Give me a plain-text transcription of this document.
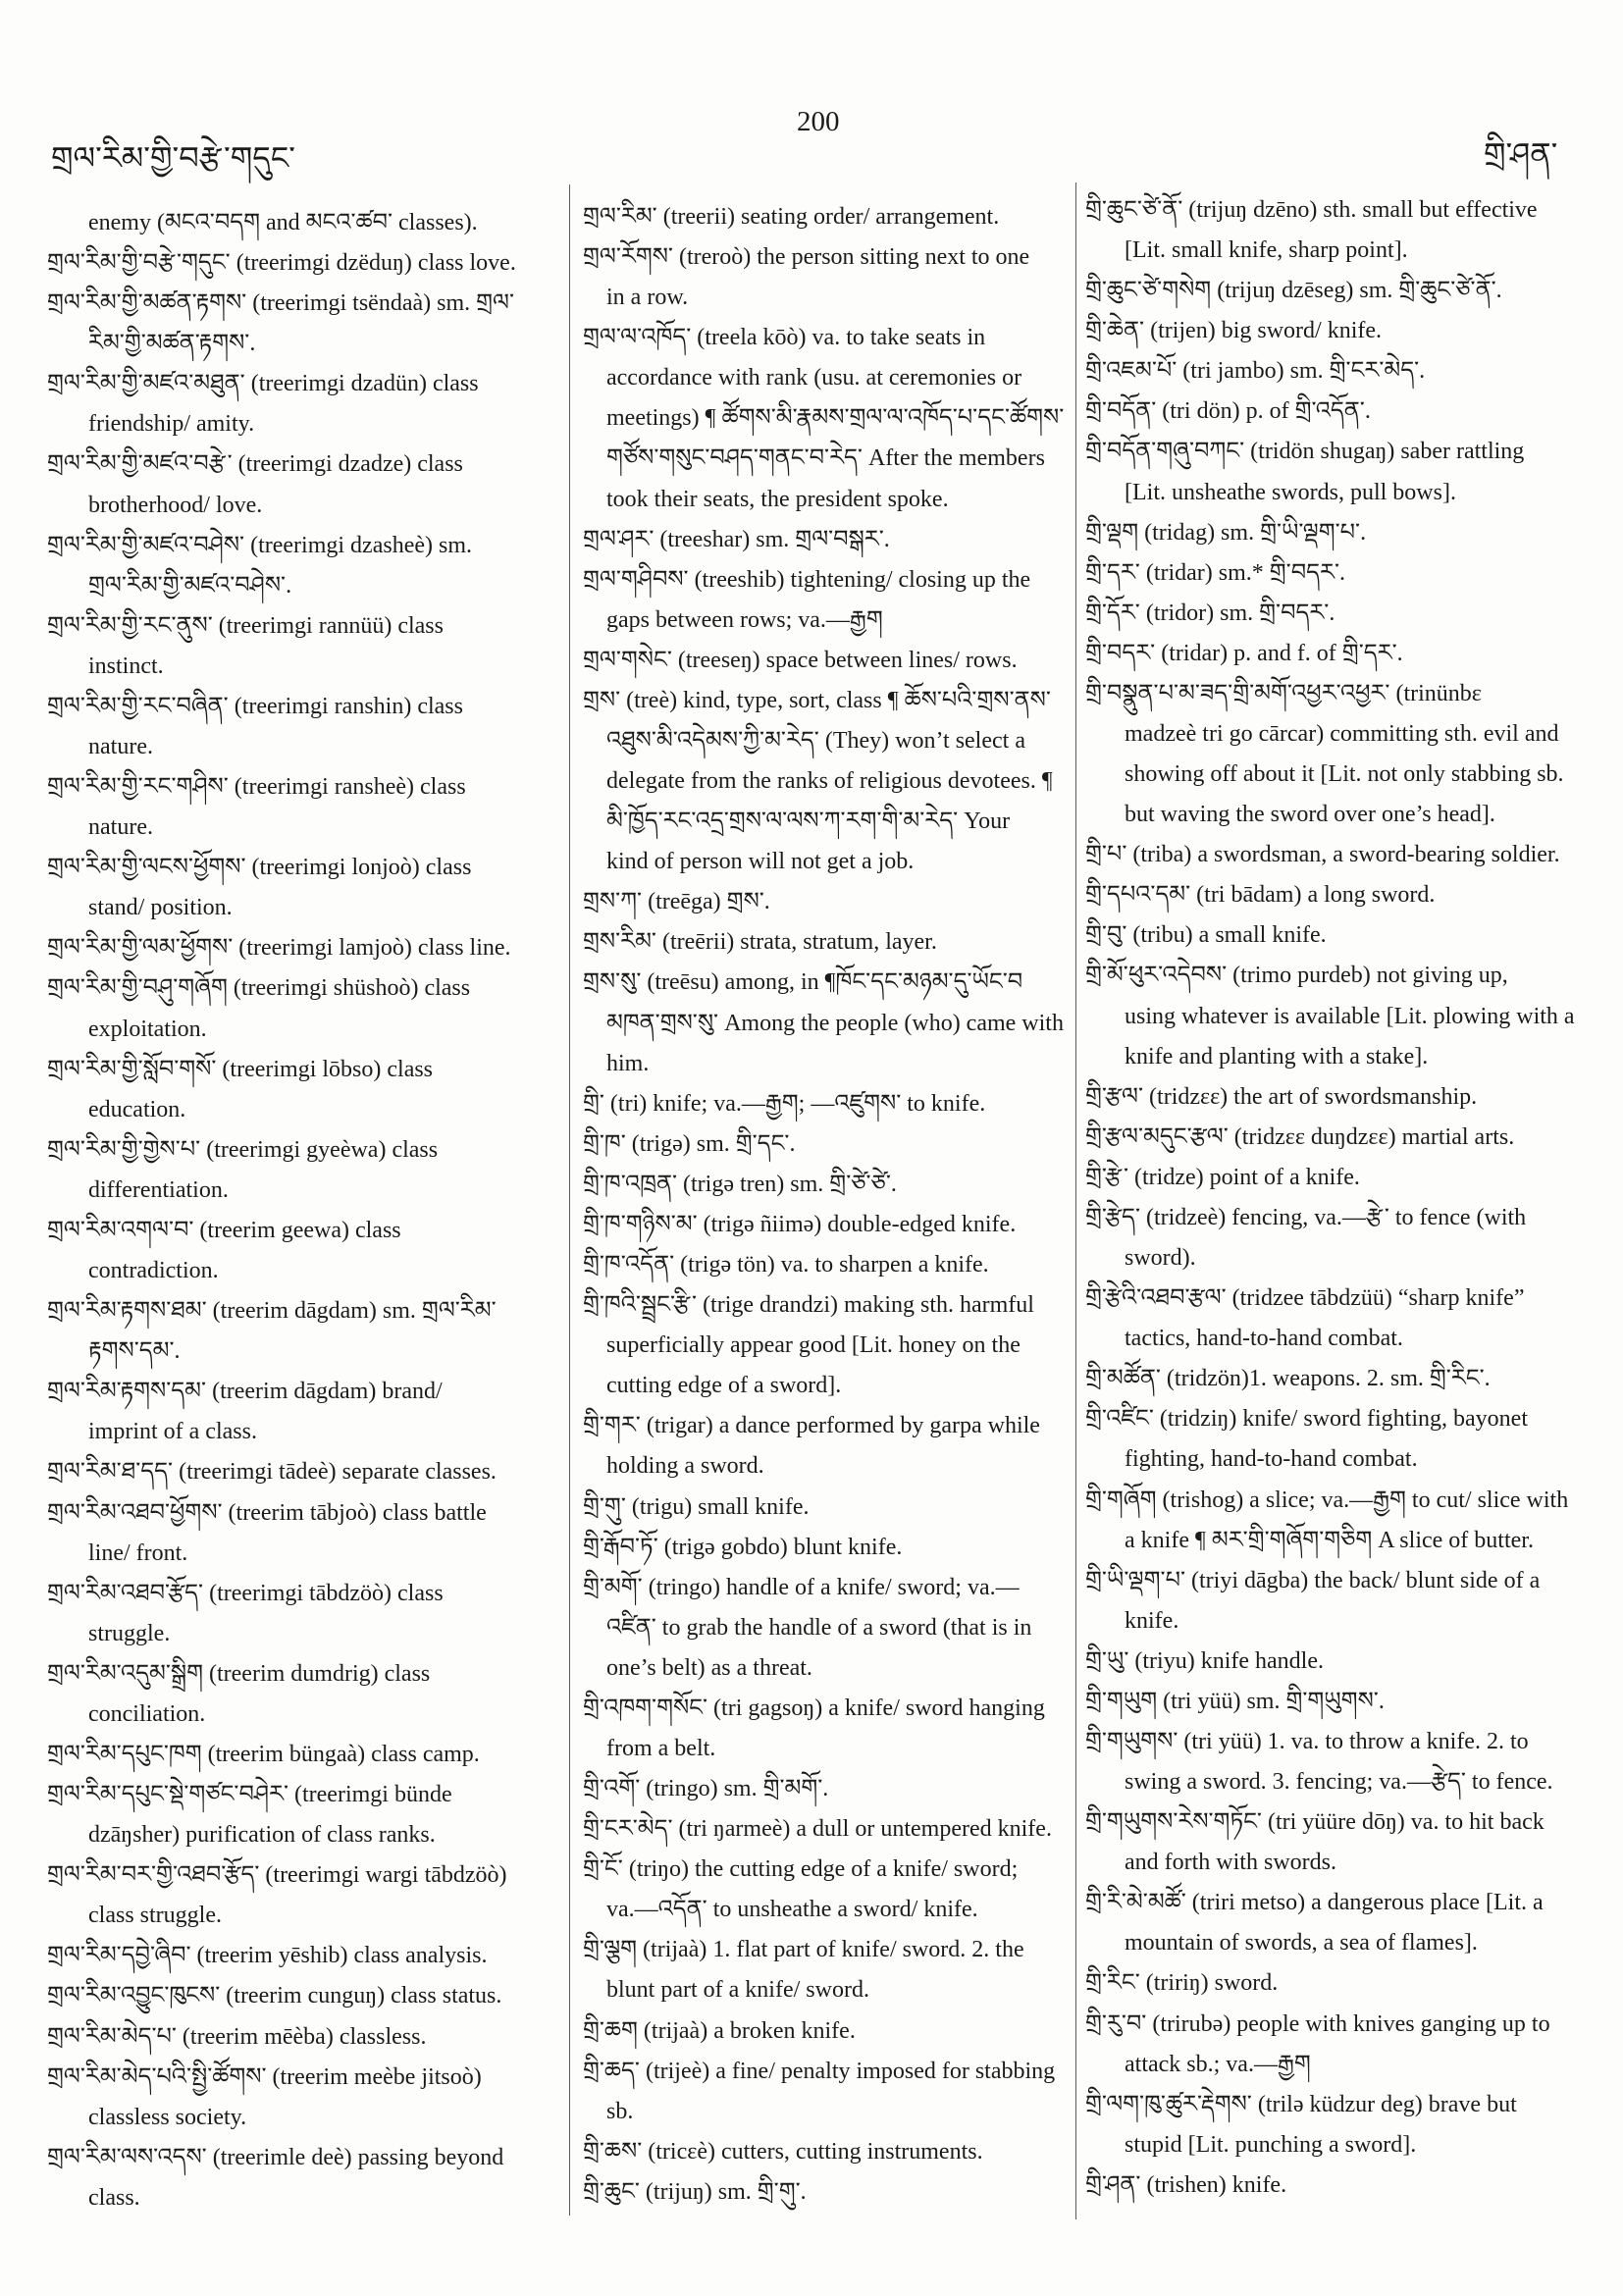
གྲལ་རིམ་གྱི་བརྩེ་གདུང་
200
གྲི་ཤན་
enemy (མངའ་བདག and མངའ་ཚབ་ classes).
གྲལ་རིམ་གྱི་བརྩེ་གདུང་ (treerimgi dzëduŋ) class love.
གྲལ་རིམ་གྱི་མཚན་རྟགས་ (treerimgi tsëndaà) sm. གྲལ་
རིམ་གྱི་མཚན་རྟགས་.
གྲལ་རིམ་གྱི་མཛའ་མཐུན་ (treerimgi dzadün) class
friendship/ amity.
གྲལ་རིམ་གྱི་མཛའ་བརྩེ་ (treerimgi dzadze) class
brotherhood/ love.
གྲལ་རིམ་གྱི་མཛའ་བཤེས་ (treerimgi dzasheè) sm.
གྲལ་རིམ་གྱི་མཛའ་བཤེས་.
གྲལ་རིམ་གྱི་རང་ནུས་ (treerimgi rannüü) class
instinct.
གྲལ་རིམ་གྱི་རང་བཞིན་ (treerimgi ranshin) class
nature.
གྲལ་རིམ་གྱི་རང་གཤིས་ (treerimgi ransheè) class
nature.
གྲལ་རིམ་གྱི་ལངས་ཕྱོགས་ (treerimgi lonjoò) class
stand/ position.
གྲལ་རིམ་གྱི་ལམ་ཕྱོགས་ (treerimgi lamjoò) class line.
གྲལ་རིམ་གྱི་བཤུ་གཞོག (treerimgi shüshoò) class
exploitation.
གྲལ་རིམ་གྱི་སློབ་གསོ་ (treerimgi lōbso) class
education.
གྲལ་རིམ་གྱི་གྱེས་པ་ (treerimgi gyeèwa) class
differentiation.
གྲལ་རིམ་འགལ་བ་ (treerim geewa) class
contradiction.
གྲལ་རིམ་རྟགས་ཐམ་ (treerim dāgdam) sm. གྲལ་རིམ་
རྟགས་དམ་.
གྲལ་རིམ་རྟགས་དམ་ (treerim dāgdam) brand/
imprint of a class.
གྲལ་རིམ་ཐ་དད་ (treerimgi tādeè) separate classes.
གྲལ་རིམ་འཐབ་ཕྱོགས་ (treerim tābjoò) class battle
line/ front.
གྲལ་རིམ་འཐབ་རྩོད་ (treerimgi tābdzöò) class
struggle.
གྲལ་རིམ་འདུམ་སྒྲིག (treerim dumdrig) class
conciliation.
གྲལ་རིམ་དཔུང་ཁག (treerim büngaà) class camp.
གྲལ་རིམ་དཔུང་སྡེ་གཙང་བཤེར་ (treerimgi bünde
dzāŋsher) purification of class ranks.
གྲལ་རིམ་བར་གྱི་འཐབ་རྩོད་ (treerimgi wargi tābdzöò)
class struggle.
གྲལ་རིམ་དབྱེ་ཞིབ་ (treerim yēshib) class analysis.
གྲལ་རིམ་འབྱུང་ཁུངས་ (treerim cunguŋ) class status.
གྲལ་རིམ་མེད་པ་ (treerim mēèba) classless.
གྲལ་རིམ་མེད་པའི་སྤྱི་ཚོགས་ (treerim meèbe jitsoò)
classless society.
གྲལ་རིམ་ལས་འདས་ (treerimle deè) passing beyond
class.
གྲལ་རིམ་ (treerii) seating order/ arrangement.
གྲལ་རོགས་ (treroò) the person sitting next to one
in a row.
གྲལ་ལ་འཁོད་ (treela kōò) va. to take seats in
accordance with rank (usu. at ceremonies or
meetings) ¶ ཚོགས་མི་རྣམས་གྲལ་ལ་འཁོད་པ་དང་ཚོགས་
གཙོས་གསུང་བཤད་གནང་བ་རེད་ After the members
took their seats, the president spoke.
གྲལ་ཤར་ (treeshar) sm. གྲལ་བསྒར་.
གྲལ་གཤིབས་ (treeshib) tightening/ closing up the
gaps between rows; va.—རྒྱག
གྲལ་གསེང་ (treeseŋ) space between lines/ rows.
གྲས་ (treè) kind, type, sort, class ¶ ཆོས་པའི་གྲས་ནས་
འཐུས་མི་འདེམས་ཀྱི་མ་རེད་ (They) won’t select a
delegate from the ranks of religious devotees. ¶
མི་ཁྱོད་རང་འདྲ་གྲས་ལ་ལས་ཀ་རག་གི་མ་རེད་ Your
kind of person will not get a job.
གྲས་ཀ་ (treēga) གྲས་.
གྲས་རིམ་ (treērii) strata, stratum, layer.
གྲས་སུ་ (treēsu) among, in ¶ཁོང་དང་མཉམ་དུ་ཡོང་བ
མཁན་གྲས་སུ་ Among the people (who) came with
him.
གྲི་ (tri) knife; va.—རྒྱག; —འཛུགས་ to knife.
གྲི་ཁ་ (trigə) sm. གྲི་དང་.
གྲི་ཁ་འཁྲན་ (trigə tren) sm. གྲི་ཙེ་ཙེ་.
གྲི་ཁ་གཉིས་མ་ (trigə ñiimə) double-edged knife.
གྲི་ཁ་འདོན་ (trigə tön) va. to sharpen a knife.
གྲི་ཁའི་སྦྲང་རྩི་ (trige drandzi) making sth. harmful
superficially appear good [Lit. honey on the
cutting edge of a sword].
གྲི་གར་ (trigar) a dance performed by garpa while
holding a sword.
གྲི་གུ་ (trigu) small knife.
གྲི་རྒོབ་ཏོ་ (trigə gobdo) blunt knife.
གྲི་མགོ་ (tringo) handle of a knife/ sword; va.—
འཛིན་ to grab the handle of a sword (that is in
one’s belt) as a threat.
གྲི་འཁག་གསོང་ (tri gagsoŋ) a knife/ sword hanging
from a belt.
གྲི་འགོ་ (tringo) sm. གྲི་མགོ་.
གྲི་ངར་མེད་ (tri ŋarmeè) a dull or untempered knife.
གྲི་ངོ་ (triŋo) the cutting edge of a knife/ sword;
va.—འདོན་ to unsheathe a sword/ knife.
གྲི་ལྕག (trijaà) 1. flat part of knife/ sword. 2. the
blunt part of a knife/ sword.
གྲི་ཆག (trijaà) a broken knife.
གྲི་ཆད་ (trijeè) a fine/ penalty imposed for stabbing
sb.
གྲི་ཆས་ (tricεè) cutters, cutting instruments.
གྲི་ཆུང་ (trijuŋ) sm. གྲི་གུ་.
གྲི་ཆུང་ཙེ་ནོ་ (trijuŋ dzēno) sth. small but effective
[Lit. small knife, sharp point].
གྲི་ཆུང་ཙེ་གསེག (trijuŋ dzēseg) sm. གྲི་ཆུང་ཙེ་ནོ་.
གྲི་ཆེན་ (trijen) big sword/ knife.
གྲི་འཇམ་པོ་ (tri jambo) sm. གྲི་ངར་མེད་.
གྲི་བདོན་ (tri dön) p. of གྲི་འདོན་.
གྲི་བདོན་གཞུ་བཀང་ (tridön shugaŋ) saber rattling
[Lit. unsheathe swords, pull bows].
གྲི་ལྡག (tridag) sm. གྲི་ཡི་ལྡག་པ་.
གྲི་དར་ (tridar) sm.* གྲི་བདར་.
གྲི་དོར་ (tridor) sm. གྲི་བདར་.
གྲི་བདར་ (tridar) p. and f. of གྲི་དར་.
གྲི་བསྣུན་པ་མ་ཟད་གྲི་མགོ་འཕྱར་འཕྱར་ (trinünbε
madzeè tri go cārcar) committing sth. evil and
showing off about it [Lit. not only stabbing sb.
but waving the sword over one’s head].
གྲི་པ་ (triba) a swordsman, a sword-bearing soldier.
གྲི་དཔའ་དམ་ (tri bādam) a long sword.
གྲི་བུ་ (tribu) a small knife.
གྲི་མོ་ཕུར་འདེབས་ (trimo purdeb) not giving up,
using whatever is available [Lit. plowing with a
knife and planting with a stake].
གྲི་རྩལ་ (tridzεε) the art of swordsmanship.
གྲི་རྩལ་མདུང་རྩལ་ (tridzεε duŋdzεε) martial arts.
གྲི་རྩེ་ (tridze) point of a knife.
གྲི་རྩེད་ (tridzeè) fencing, va.—རྩེ་ to fence (with
sword).
གྲི་རྩེའི་འཐབ་རྩལ་ (tridzee tābdzüü) “sharp knife”
tactics, hand-to-hand combat.
གྲི་མཚོན་ (tridzön)1. weapons. 2. sm. གྲི་རིང་.
གྲི་འཛིང་ (tridziŋ) knife/ sword fighting, bayonet
fighting, hand-to-hand combat.
གྲི་གཞོག (trishog) a slice; va.—རྒྱག to cut/ slice with
a knife ¶ མར་གྲི་གཞོག་གཅིག A slice of butter.
གྲི་ཡི་ལྡག་པ་ (triyi dāgba) the back/ blunt side of a
knife.
གྲི་ཡུ་ (triyu) knife handle.
གྲི་གཡུག (tri yüü) sm. གྲི་གཡུགས་.
གྲི་གཡུགས་ (tri yüü) 1. va. to throw a knife. 2. to
swing a sword. 3. fencing; va.—རྩེད་ to fence.
གྲི་གཡུགས་རེས་གཏོང་ (tri yüüre dōŋ) va. to hit back
and forth with swords.
གྲི་རི་མེ་མཚོ་ (triri metso) a dangerous place [Lit. a
mountain of swords, a sea of flames].
གྲི་རིང་ (tririŋ) sword.
གྲི་རུ་བ་ (trirubə) people with knives ganging up to
attack sb.; va.—རྒྱག
གྲི་ལག་ཁུ་ཚུར་རྡེགས་ (trilə küdzur deg) brave but
stupid [Lit. punching a sword].
གྲི་ཤན་ (trishen) knife.
